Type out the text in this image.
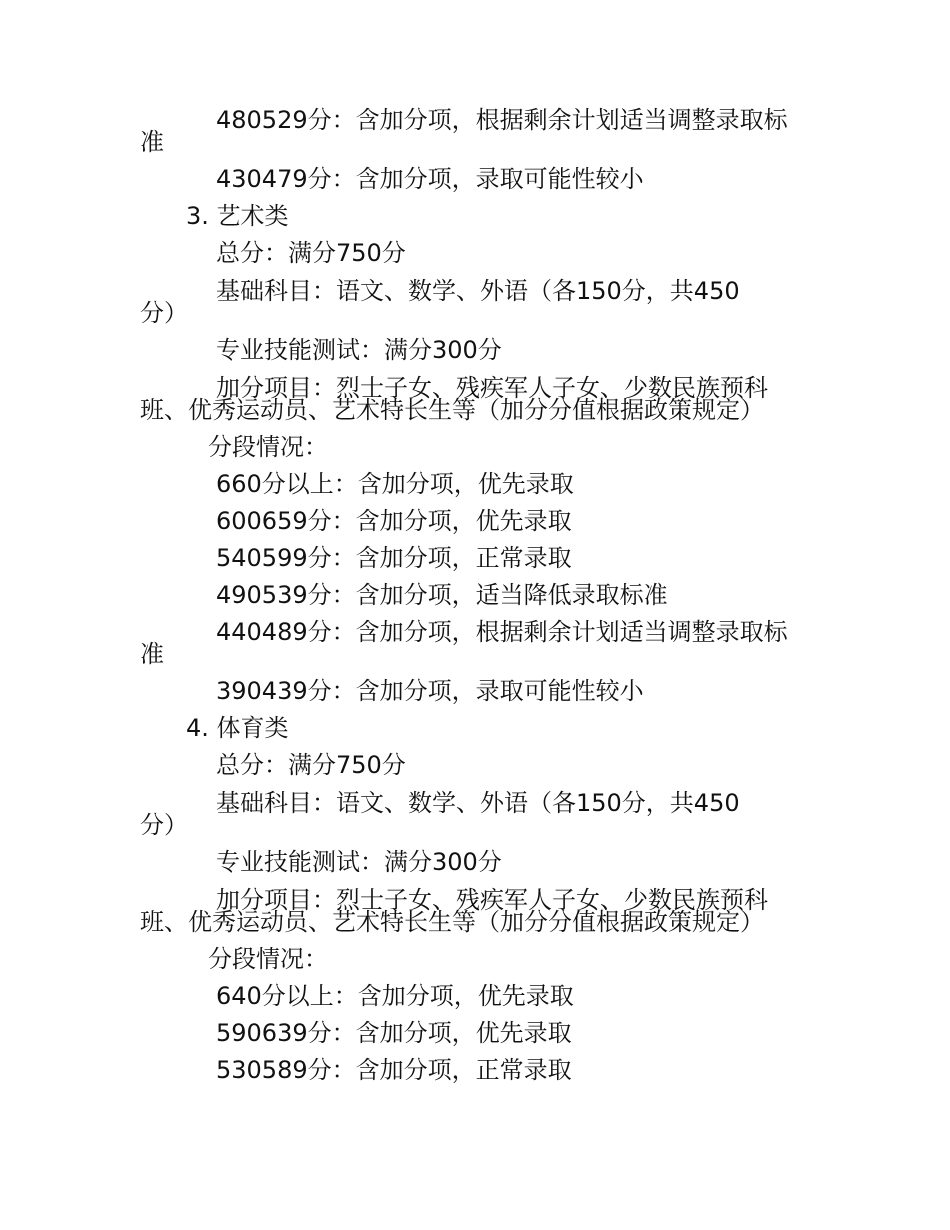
480529分：含加分项，根据剩余计划适当调整录取标
准
430479分：含加分项，录取可能性较小
3. 艺术类
总分：满分750分
基础科目：语文、数学、外语（各150分，共450
分）
专业技能测试：满分300分
加分项目：烈士子女、残疾军人子女、少数民族预科
班、优秀运动员、艺术特长生等（加分分值根据政策规定）
分段情况：
660分以上：含加分项，优先录取
600659分：含加分项，优先录取
540599分：含加分项，正常录取
490539分：含加分项，适当降低录取标准
440489分：含加分项，根据剩余计划适当调整录取标
准
390439分：含加分项，录取可能性较小
4. 体育类
总分：满分750分
基础科目：语文、数学、外语（各150分，共450
分）
专业技能测试：满分300分
加分项目：烈士子女、残疾军人子女、少数民族预科
班、优秀运动员、艺术特长生等（加分分值根据政策规定）
分段情况：
640分以上：含加分项，优先录取
590639分：含加分项，优先录取
530589分：含加分项，正常录取
